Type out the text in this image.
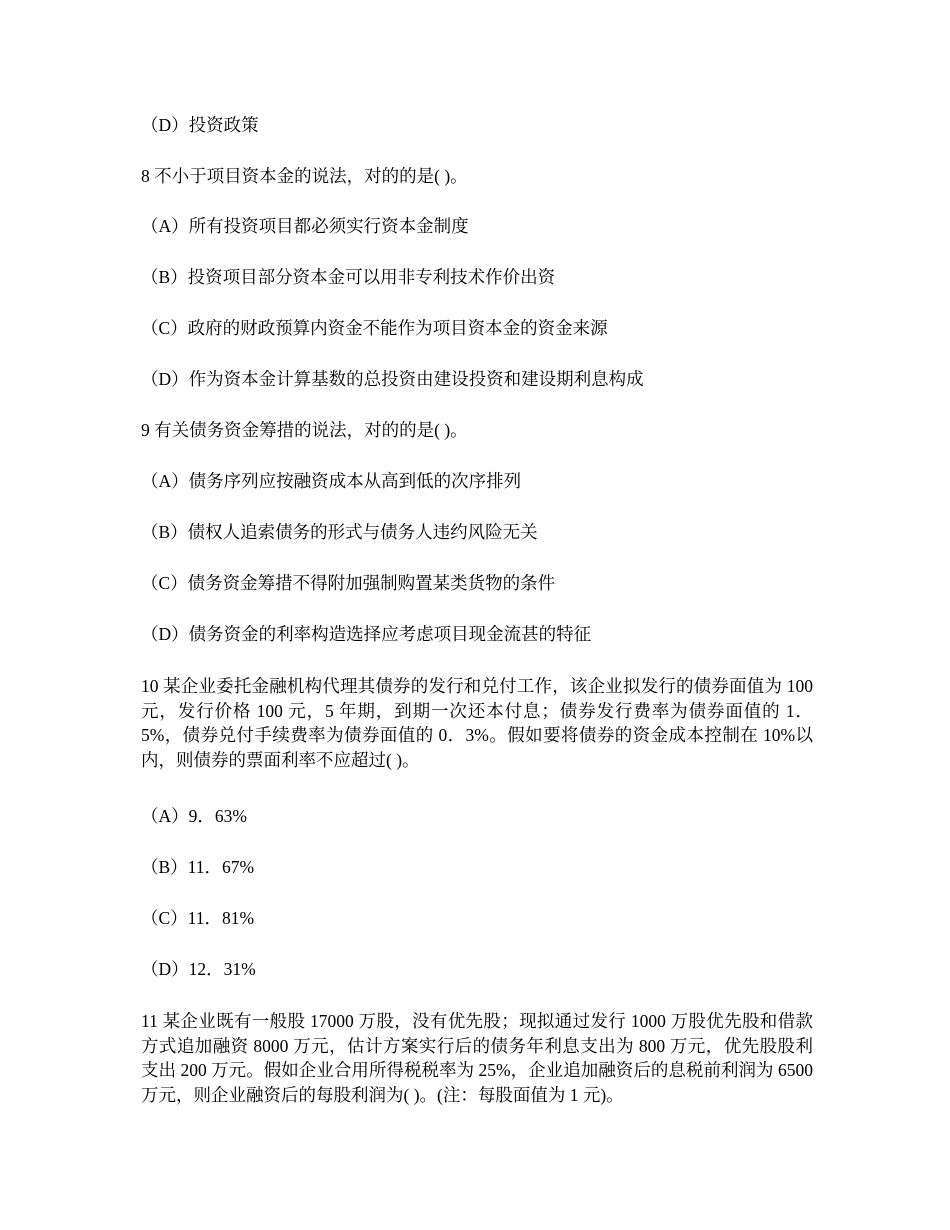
（D）投资政策
8 不小于项目资本金的说法，对的的是( )。
（A）所有投资项目都必须实行资本金制度
（B）投资项目部分资本金可以用非专利技术作价出资
（C）政府的财政预算内资金不能作为项目资本金的资金来源
（D）作为资本金计算基数的总投资由建设投资和建设期利息构成
9 有关债务资金筹措的说法，对的的是( )。
（A）债务序列应按融资成本从高到低的次序排列
（B）债权人追索债务的形式与债务人违约风险无关
（C）债务资金筹措不得附加强制购置某类货物的条件
（D）债务资金的利率构造选择应考虑项目现金流甚的特征
10 某企业委托金融机构代理其债券的发行和兑付工作，该企业拟发行的债券面值为 100 元，发行价格 100 元，5 年期，到期一次还本付息；债券发行费率为债券面值的 1．5%，债券兑付手续费率为债券面值的 0．3%。假如要将债券的资金成本控制在 10%以内，则债券的票面利率不应超过( )。
（A）9．63%
（B）11．67%
（C）11．81%
（D）12．31%
11 某企业既有一般股 17000 万股，没有优先股；现拟通过发行 1000 万股优先股和借款方式追加融资 8000 万元，估计方案实行后的债务年利息支出为 800 万元，优先股股利支出 200 万元。假如企业合用所得税税率为 25%，企业追加融资后的息税前利润为 6500 万元，则企业融资后的每股利润为( )。(注：每股面值为 1 元)。
